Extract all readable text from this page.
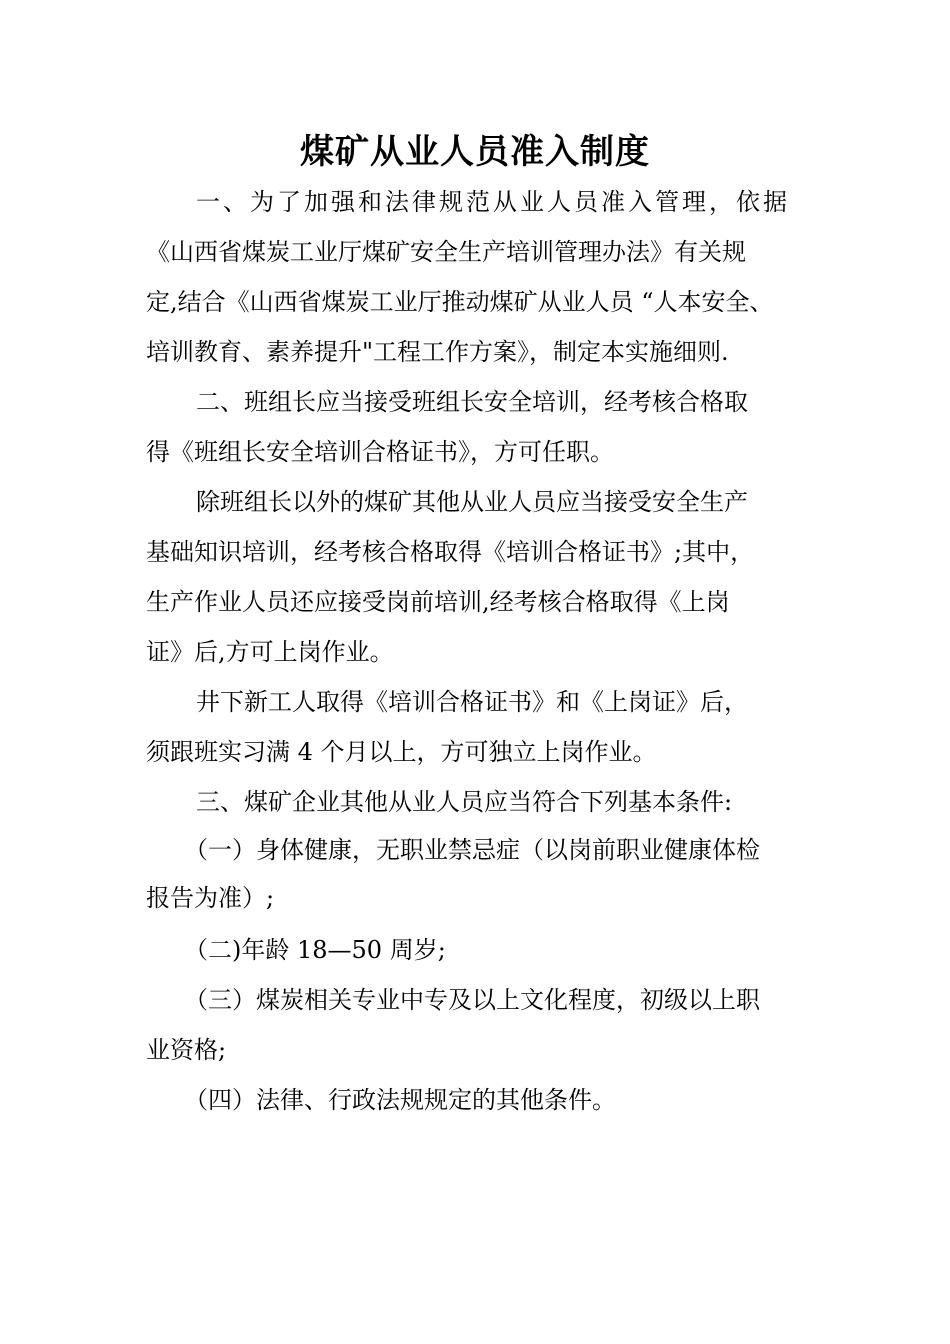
煤矿从业人员准入制度
一、为了加强和法律规范从业人员准入管理，依据
《山西省煤炭工业厅煤矿安全生产培训管理办法》有关规
定,结合《山西省煤炭工业厅推动煤矿从业人员 “人本安全、
培训教育、素养提升"工程工作方案》，制定本实施细则.
二、班组长应当接受班组长安全培训，经考核合格取
得《班组长安全培训合格证书》，方可任职。
除班组长以外的煤矿其他从业人员应当接受安全生产
基础知识培训，经考核合格取得《培训合格证书》;其中，
生产作业人员还应接受岗前培训,经考核合格取得《上岗
证》后,方可上岗作业。
井下新工人取得《培训合格证书》和《上岗证》后，
须跟班实习满 4 个月以上，方可独立上岗作业。
三、煤矿企业其他从业人员应当符合下列基本条件:
（一）身体健康，无职业禁忌症（以岗前职业健康体检
报告为准）;
（二)年龄 18—50 周岁;
（三）煤炭相关专业中专及以上文化程度，初级以上职
业资格;
（四）法律、行政法规规定的其他条件。
